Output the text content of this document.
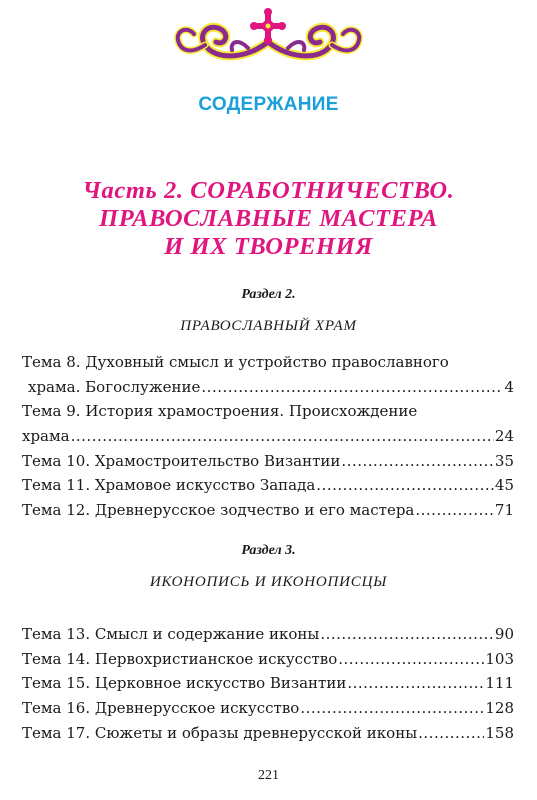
СОДЕРЖАНИЕ
Часть 2. СОРАБОТНИЧЕСТВО.
ПРАВОСЛАВНЫЕ МАСТЕРА
И ИХ ТВОРЕНИЯ
Раздел 2.
ПРАВОСЛАВНЫЙ ХРАМ
Тема 8. Духовный смысл и устройство православного
храма. Богослужение .....	4
Тема 9. История храмостроения. Происхождение
храма .....	24
Тема 10. Храмостроительство Византии .....	35
Тема 11. Храмовое искусство Запада .....	45
Тема 12. Древнерусское зодчество и его мастера .....	71
Раздел 3.
ИКОНОПИСЬ И ИКОНОПИСЦЫ
Тема 13. Смысл и содержание иконы .....	90
Тема 14. Первохристианское искусство .....	103
Тема 15. Церковное искусство Византии .....	111
Тема 16. Древнерусское искусство .....	128
Тема 17. Сюжеты и образы древнерусской иконы .....	158
221
